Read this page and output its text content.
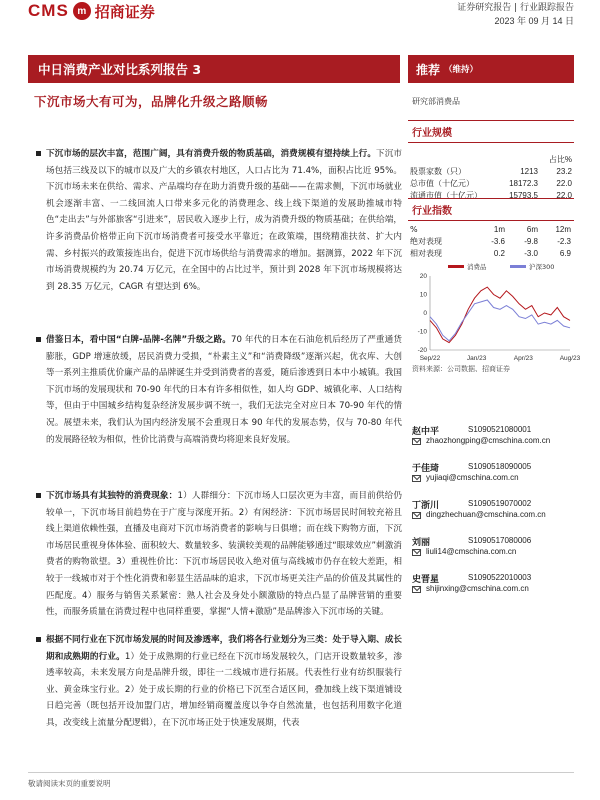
CMS m 招商证券	证券研究报告 | 行业跟踪报告
2023 年 09 月 14 日
中日消费产业对比系列报告 3	推荐 （维持）
下沉市场大有可为，品牌化升级之路顺畅	研究部消费品
行业规模
占比%
股票家数（只）	1213	23.2
总市值（十亿元）	18172.3	22.0
流通市值（十亿元）	15793.5	22.0
行业指数
%	1m	6m	12m
绝对表现	-3.6	-9.8	-2.3
相对表现	0.2	-3.0	6.9
消费品	沪深300
20
10
0
-10
-20
Sep/22	Jan/23	Apr/23	Aug/23
资料来源：公司数据、招商证券
赵中平	S1090521080001
zhaozhongping@cmschina.com.cn
于佳琦	S1090518090005
yujiaqi@cmschina.com.cn
丁浙川	S1090519070002
dingzhechuan@cmschina.com.cn
刘丽	S1090517080006
liuli14@cmschina.com.cn
史晋星	S1090522010003
shijinxing@cmschina.com.cn
下沉市场的层次丰富，范围广阔，具有消费升级的物质基础，消费规模有望持续上行。下沉市场包括三线及以下的城市以及广大的乡镇农村地区，人口占比为 71.4%，面积占比近 95%。下沉市场未来在供给、需求、产品端均存在助力消费升级的基础——在需求侧，下沉市场就业机会逐渐丰富、一二线回流人口带来多元化的消费理念、线上线下渠道的发展助推城市特色“走出去”与外部旅客“引进来”，居民收入逐步上行，成为消费升级的物质基础；在供给端，许多消费品价格带正向下沉市场消费者可接受水平靠近；在政策端，围绕精准扶贫、扩大内需、乡村振兴的政策接连出台，促进下沉市场供给与消费需求的增加。据测算，2022 年下沉市场消费规模约为 20.74 万亿元，在全国中的占比过半，预计到 2028 年下沉市场规模将达到 28.35 万亿元，CAGR 有望达到 6%。
借鉴日本，看中国“白牌-品牌-名牌”升级之路。70 年代的日本在石油危机后经历了严重通货膨胀，GDP 增速放缓，居民消费力受损，“朴素主义”和“消费降级”逐渐兴起，优衣库、大创等一系列主推质优价廉产品的品牌诞生并受到消费者的喜爱，随后渗透到日本中小城镇。我国下沉市场的发展现状和 70-90 年代的日本有许多相似性，如人均 GDP、城镇化率、人口结构等，但由于中国城乡结构复杂经济发展步调不统一，我们无法完全对应日本 70-90 年代的情况。展望未来，我们认为国内经济发展不会重现日本 90 年代的发展态势，仅与 70-80 年代的发展路径较为相似，性价比消费与高端消费均将迎来良好发展。
下沉市场具有其独特的消费现象：1）人群细分：下沉市场人口层次更为丰富，而目前供给仍较单一，下沉市场目前趋势在于广度与深度开拓。2）有闲经济：下沉市场居民时间较充裕且线上渠道依赖性强，直播及电商对下沉市场消费者的影响与日俱增；而在线下购物方面，下沉市场居民重视身体体验、面积较大、数量较多、装潢较美观的品牌能够通过“眼球效应”刺激消费者的购物欲望。3）重视性价比：下沉市场居民收入绝对值与高线城市仍存在较大差距，相较于一线城市对于个性化消费和彰显生活品味的追求，下沉市场更关注产品的价值及其属性的匹配度。4）服务与销售关系紧密：熟人社会及身处小额激励的特点凸显了品牌营销的重要性，而服务质量在消费过程中也同样重要，掌握“人情+激励”是品牌渗入下沉市场的关键。
根据不同行业在下沉市场发展的时间及渗透率，我们将各行业划分为三类：处于导入期、成长期和成熟期的行业。1）处于成熟期的行业已经在下沉市场发展较久，门店开设数量较多，渗透率较高，未来发展方向是品牌升级，即往一二线城市进行拓展。代表性行业有纺织服装行业、黄金珠宝行业。2）处于成长期的行业的价格已下沉至合适区间，叠加线上线下渠道铺设日趋完善（既包括开设加盟门店，增加经销商覆盖度以争夺自然流量，也包括利用数字化道具，改变线上流量分配逻辑），在下沉市场正处于快速发展期，代表
敬请阅读末页的重要说明
